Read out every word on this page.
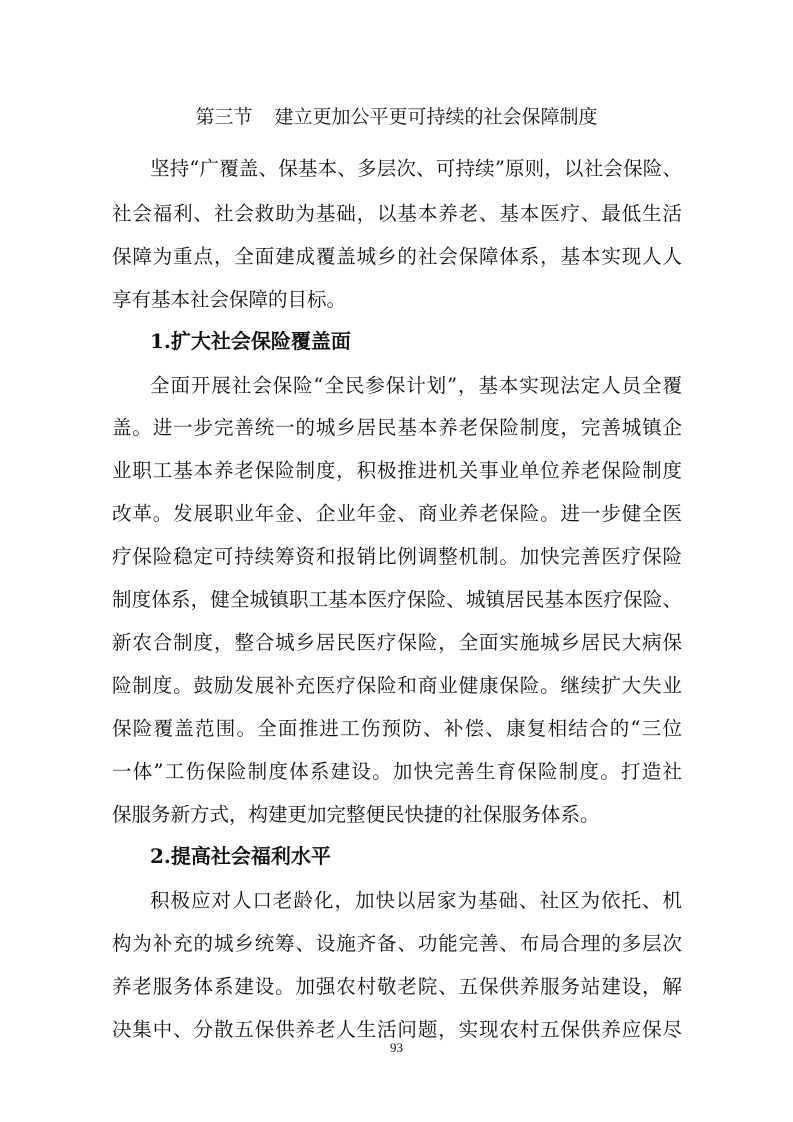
第三节 建立更加公平更可持续的社会保障制度
坚持“广覆盖、保基本、多层次、可持续”原则，以社会保险、
社会福利、社会救助为基础，以基本养老、基本医疗、最低生活
保障为重点，全面建成覆盖城乡的社会保障体系，基本实现人人
享有基本社会保障的目标。
1.扩大社会保险覆盖面
全面开展社会保险“全民参保计划”，基本实现法定人员全覆
盖。进一步完善统一的城乡居民基本养老保险制度，完善城镇企
业职工基本养老保险制度，积极推进机关事业单位养老保险制度
改革。发展职业年金、企业年金、商业养老保险。进一步健全医
疗保险稳定可持续筹资和报销比例调整机制。加快完善医疗保险
制度体系，健全城镇职工基本医疗保险、城镇居民基本医疗保险、
新农合制度，整合城乡居民医疗保险，全面实施城乡居民大病保
险制度。鼓励发展补充医疗保险和商业健康保险。继续扩大失业
保险覆盖范围。全面推进工伤预防、补偿、康复相结合的“三位
一体”工伤保险制度体系建设。加快完善生育保险制度。打造社
保服务新方式，构建更加完整便民快捷的社保服务体系。
2.提高社会福利水平
积极应对人口老龄化，加快以居家为基础、社区为依托、机
构为补充的城乡统筹、设施齐备、功能完善、布局合理的多层次
养老服务体系建设。加强农村敬老院、五保供养服务站建设，解
决集中、分散五保供养老人生活问题，实现农村五保供养应保尽
93
